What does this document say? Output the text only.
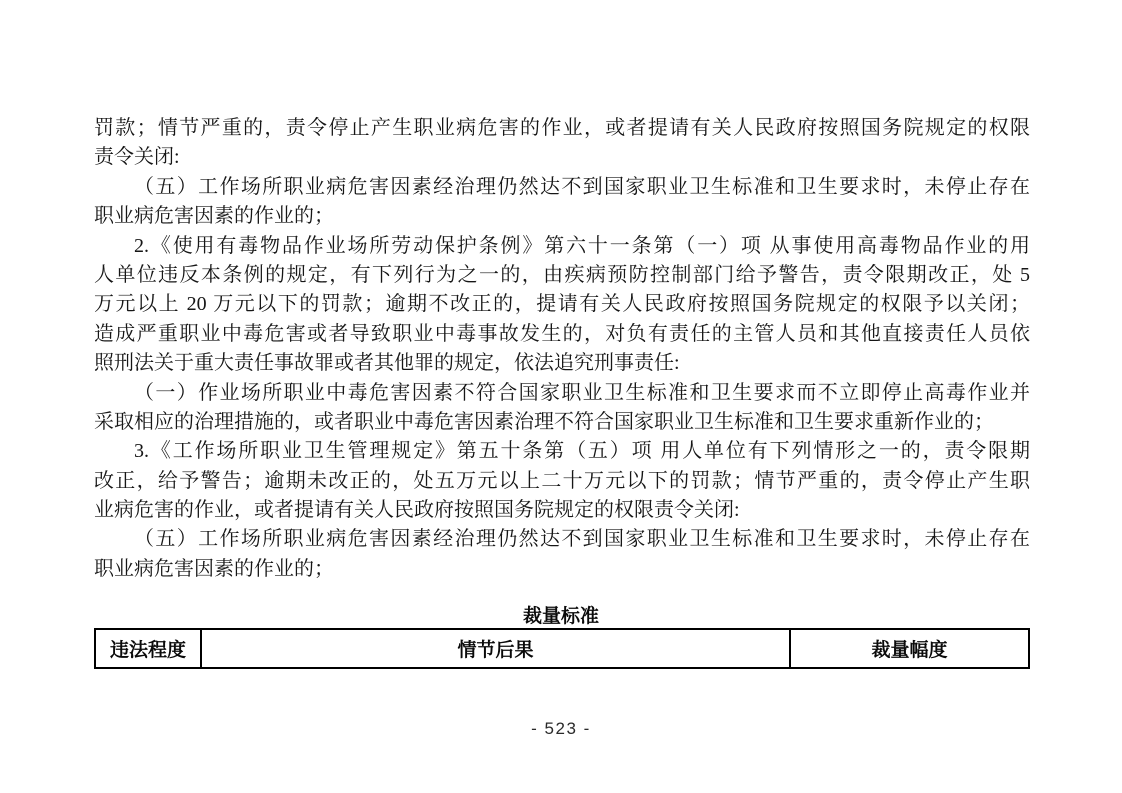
罚款；情节严重的，责令停止产生职业病危害的作业，或者提请有关人民政府按照国务院规定的权限
责令关闭:
（五）工作场所职业病危害因素经治理仍然达不到国家职业卫生标准和卫生要求时，未停止存在
职业病危害因素的作业的；
2.《使用有毒物品作业场所劳动保护条例》第六十一条第（一）项 从事使用高毒物品作业的用
人单位违反本条例的规定，有下列行为之一的，由疾病预防控制部门给予警告，责令限期改正，处 5
万元以上 20 万元以下的罚款；逾期不改正的，提请有关人民政府按照国务院规定的权限予以关闭；
造成严重职业中毒危害或者导致职业中毒事故发生的，对负有责任的主管人员和其他直接责任人员依
照刑法关于重大责任事故罪或者其他罪的规定，依法追究刑事责任:
（一）作业场所职业中毒危害因素不符合国家职业卫生标准和卫生要求而不立即停止高毒作业并
采取相应的治理措施的，或者职业中毒危害因素治理不符合国家职业卫生标准和卫生要求重新作业的；
3.《工作场所职业卫生管理规定》第五十条第（五）项 用人单位有下列情形之一的，责令限期
改正，给予警告；逾期未改正的，处五万元以上二十万元以下的罚款；情节严重的，责令停止产生职
业病危害的作业，或者提请有关人民政府按照国务院规定的权限责令关闭:
（五）工作场所职业病危害因素经治理仍然达不到国家职业卫生标准和卫生要求时，未停止存在
职业病危害因素的作业的；
裁量标准
违法程度	情节后果	裁量幅度
- 523 -
